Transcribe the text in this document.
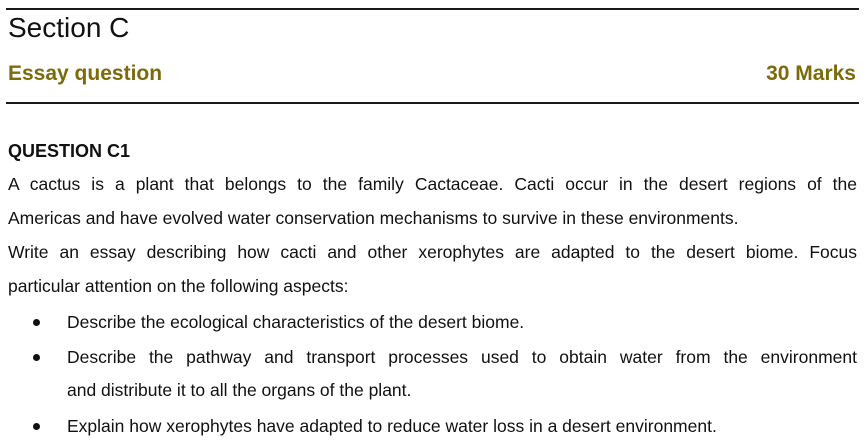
Section C
Essay question	30 Marks
QUESTION C1
A cactus is a plant that belongs to the family Cactaceae. Cacti occur in the desert regions of the
Americas and have evolved water conservation mechanisms to survive in these environments.
Write an essay describing how cacti and other xerophytes are adapted to the desert biome. Focus
particular attention on the following aspects:
Describe the ecological characteristics of the desert biome.
Describe the pathway and transport processes used to obtain water from the environment
and distribute it to all the organs of the plant.
Explain how xerophytes have adapted to reduce water loss in a desert environment.
